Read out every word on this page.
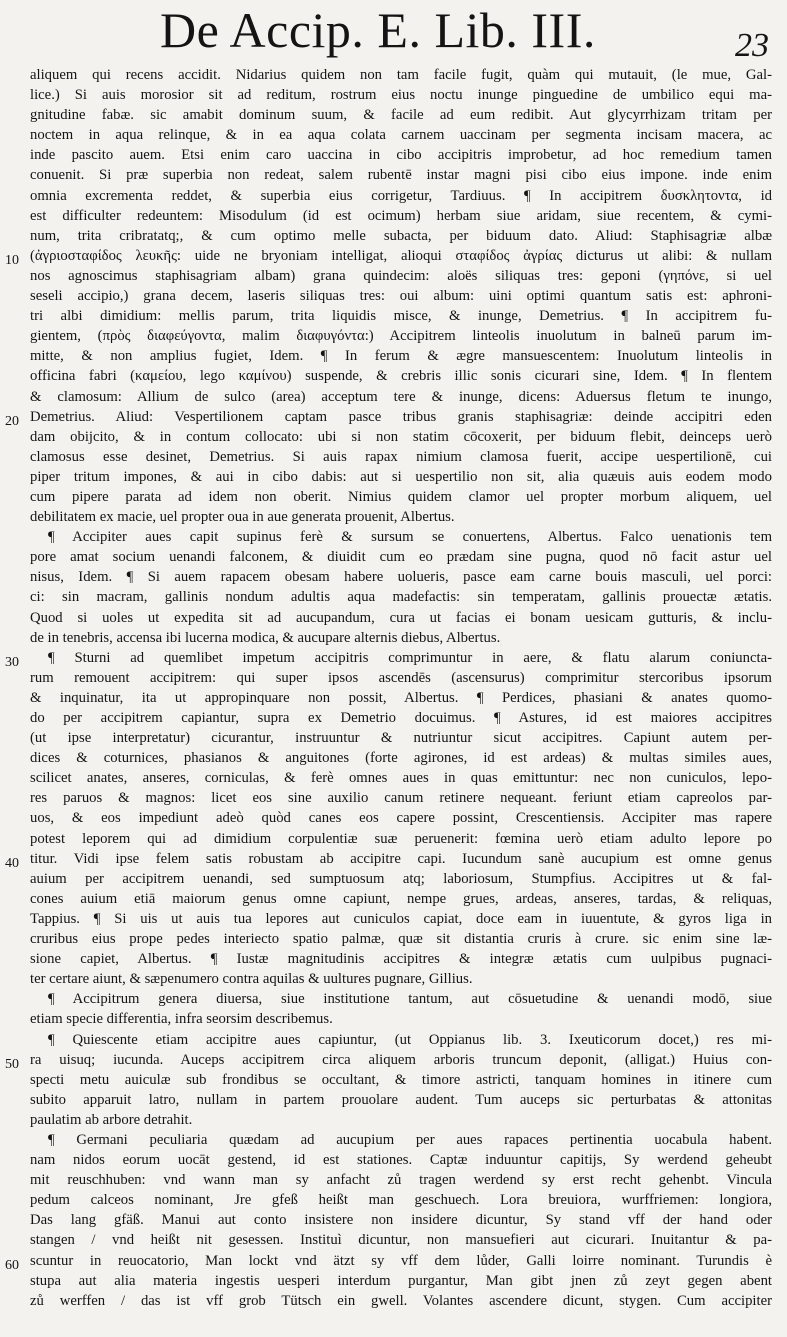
De Accip. E. Lib. III.	23
10
20
30
40
50
60
aliquem qui recens accidit. Nidarius quidem non tam facile fugit, quàm qui mutauit, (le mue, Gal-
lice.) Si auis morosior sit ad reditum, rostrum eius noctu inunge pinguedine de umbilico equi ma-
gnitudine fabæ. sic amabit dominum suum, & facile ad eum redibit. Aut glycyrrhizam tritam per
noctem in aqua relinque, & in ea aqua colata carnem uaccinam per segmenta incisam macera, ac
inde pascito auem. Etsi enim caro uaccina in cibo accipitris improbetur, ad hoc remedium tamen
conuenit. Si præ superbia non redeat, salem rubentē instar magni pisi cibo eius impone. inde enim
omnia excrementa reddet, & superbia eius corrigetur, Tardiuus. ¶ In accipitrem δυσκλητοντα, id
est difficulter redeuntem: Misodulum (id est ocimum) herbam siue aridam, siue recentem, & cymi-
num, trita cribratatq;, & cum optimo melle subacta, per biduum dato. Aliud: Staphisagriæ albæ
(ἀγριοσταφίδος λευκῆς: uide ne bryoniam intelligat, alioqui σταφίδος ἀγρίας dicturus ut alibi: & nullam
nos agnoscimus staphisagriam albam) grana quindecim: aloës siliquas tres: geponi (γηπόνε, si uel
seseli accipio,) grana decem, laseris siliquas tres: oui album: uini optimi quantum satis est: aphroni-
tri albi dimidium: mellis parum, trita liquidis misce, & inunge, Demetrius. ¶ In accipitrem fu-
gientem, (πρὸς διαφεύγοντα, malim διαφυγόντα:) Accipitrem linteolis inuolutum in balneū parum im-
mitte, & non amplius fugiet, Idem. ¶ In ferum & ægre mansuescentem: Inuolutum linteolis in
officina fabri (καμείου, lego καμίνου) suspende, & crebris illic sonis cicurari sine, Idem. ¶ In flentem
& clamosum: Allium de sulco (area) acceptum tere & inunge, dicens: Aduersus fletum te inungo,
Demetrius. Aliud: Vespertilionem captam pasce tribus granis staphisagriæ: deinde accipitri eden
dam obijcito, & in contum collocato: ubi si non statim cōcoxerit, per biduum flebit, deinceps uerò
clamosus esse desinet, Demetrius. Si auis rapax nimium clamosa fuerit, accipe uespertilionē, cui
piper tritum impones, & aui in cibo dabis: aut si uespertilio non sit, alia quæuis auis eodem modo
cum pipere parata ad idem non oberit. Nimius quidem clamor uel propter morbum aliquem, uel
debilitatem ex macie, uel propter oua in aue generata prouenit, Albertus.
¶ Accipiter aues capit supinus ferè & sursum se conuertens, Albertus. Falco uenationis tem
pore amat socium uenandi falconem, & diuidit cum eo prædam sine pugna, quod nō facit astur uel
nisus, Idem. ¶ Si auem rapacem obesam habere uolueris, pasce eam carne bouis masculi, uel porci:
ci: sin macram, gallinis nondum adultis aqua madefactis: sin temperatam, gallinis prouectæ ætatis.
Quod si uoles ut expedita sit ad aucupandum, cura ut facias ei bonam uesicam gutturis, & inclu-
de in tenebris, accensa ibi lucerna modica, & aucupare alternis diebus, Albertus.
¶ Sturni ad quemlibet impetum accipitris comprimuntur in aere, & flatu alarum coniuncta-
rum remouent accipitrem: qui super ipsos ascendēs (ascensurus) comprimitur stercoribus ipsorum
& inquinatur, ita ut appropinquare non possit, Albertus. ¶ Perdices, phasiani & anates quomo-
do per accipitrem capiantur, supra ex Demetrio docuimus. ¶ Astures, id est maiores accipitres
(ut ipse interpretatur) cicurantur, instruuntur & nutriuntur sicut accipitres. Capiunt autem per-
dices & coturnices, phasianos & anguitones (forte agirones, id est ardeas) & multas similes aues,
scilicet anates, anseres, corniculas, & ferè omnes aues in quas emittuntur: nec non cuniculos, lepo-
res paruos & magnos: licet eos sine auxilio canum retinere nequeant. feriunt etiam capreolos par-
uos, & eos impediunt adeò quòd canes eos capere possint, Crescentiensis. Accipiter mas rapere
potest leporem qui ad dimidium corpulentiæ suæ peruenerit: fœmina uerò etiam adulto lepore po
titur. Vidi ipse felem satis robustam ab accipitre capi. Iucundum sanè aucupium est omne genus
auium per accipitrem uenandi, sed sumptuosum atq; laboriosum, Stumpfius. Accipitres ut & fal-
cones auium etiā maiorum genus omne capiunt, nempe grues, ardeas, anseres, tardas, & reliquas,
Tappius. ¶ Si uis ut auis tua lepores aut cuniculos capiat, doce eam in iuuentute, & gyros liga in
cruribus eius prope pedes interiecto spatio palmæ, quæ sit distantia cruris à crure. sic enim sine læ-
sione capiet, Albertus. ¶ Iustæ magnitudinis accipitres & integræ ætatis cum uulpibus pugnaci-
ter certare aiunt, & sæpenumero contra aquilas & uultures pugnare, Gillius.
¶ Accipitrum genera diuersa, siue institutione tantum, aut cōsuetudine & uenandi modō, siue
etiam specie differentia, infra seorsim describemus.
¶ Quiescente etiam accipitre aues capiuntur, (ut Oppianus lib. 3. Ixeuticorum docet,) res mi-
ra uisuq; iucunda. Auceps accipitrem circa aliquem arboris truncum deponit, (alligat.) Huius con-
specti metu auiculæ sub frondibus se occultant, & timore astricti, tanquam homines in itinere cum
subito apparuit latro, nullam in partem prouolare audent. Tum auceps sic perturbatas & attonitas
paulatim ab arbore detrahit.
¶ Germani peculiaria quædam ad aucupium per aues rapaces pertinentia uocabula habent.
nam nidos eorum uocāt gestend, id est stationes. Captæ induuntur capitijs, Sy werdend geheubt
mit reuschhuben: vnd wann man sy anfacht zů tragen werdend sy erst recht gehenbt. Vincula
pedum calceos nominant, Jre gfeß heißt man geschuech. Lora breuiora, wurffriemen: longiora,
Das lang gfäß. Manui aut conto insistere non insidere dicuntur, Sy stand vff der hand oder
stangen / vnd heißt nit gesessen. Instituì dicuntur, non mansuefieri aut cicurari. Inuitantur & pa-
scuntur in reuocatorio, Man lockt vnd ätzt sy vff dem lůder, Galli loirre nominant. Turundis è
stupa aut alia materia ingestis uesperi interdum purgantur, Man gibt jnen zů zeyt gegen abent
zů werffen / das ist vff grob Tütsch ein gwell. Volantes ascendere dicunt, stygen. Cum accipiter
